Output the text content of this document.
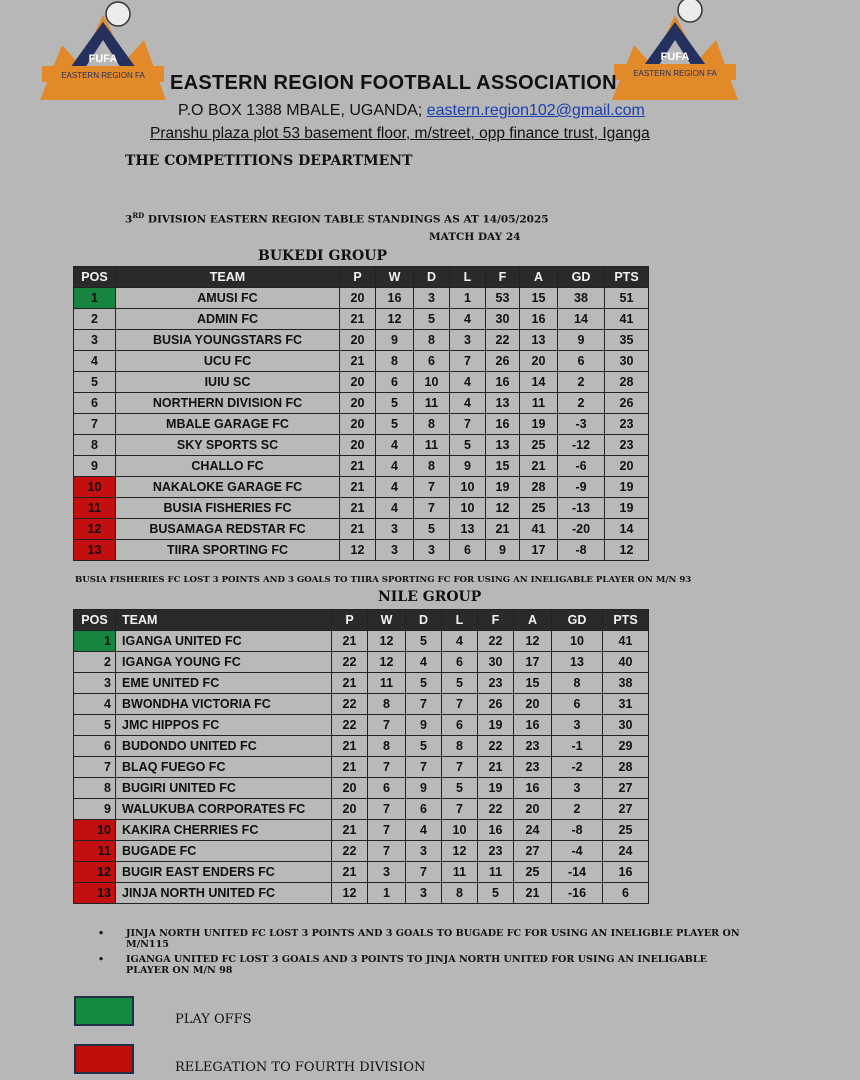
FUFA
EASTERN REGION FA
FUFA
EASTERN REGION FA
EASTERN REGION FOOTBALL ASSOCIATION
P.O BOX 1388 MBALE, UGANDA; eastern.region102@gmail.com
Pranshu plaza plot 53 basement floor, m/street, opp finance trust, Iganga
THE COMPETITIONS DEPARTMENT
3RD DIVISION EASTERN REGION TABLE STANDINGS AS AT 14/05/2025
MATCH DAY 24
BUKEDI GROUP
POS	TEAM	P	W	D	L	F	A	GD	PTS
1	AMUSI FC	20	16	3	1	53	15	38	51
2	ADMIN FC	21	12	5	4	30	16	14	41
3	BUSIA YOUNGSTARS FC	20	9	8	3	22	13	9	35
4	UCU FC	21	8	6	7	26	20	6	30
5	IUIU SC	20	6	10	4	16	14	2	28
6	NORTHERN DIVISION FC	20	5	11	4	13	11	2	26
7	MBALE GARAGE FC	20	5	8	7	16	19	-3	23
8	SKY SPORTS SC	20	4	11	5	13	25	-12	23
9	CHALLO FC	21	4	8	9	15	21	-6	20
10	NAKALOKE GARAGE FC	21	4	7	10	19	28	-9	19
11	BUSIA FISHERIES FC	21	4	7	10	12	25	-13	19
12	BUSAMAGA REDSTAR FC	21	3	5	13	21	41	-20	14
13	TIIRA SPORTING FC	12	3	3	6	9	17	-8	12
BUSIA FISHERIES FC LOST 3 POINTS AND 3 GOALS TO TIIRA SPORTING FC FOR USING AN INELIGABLE PLAYER ON M/N 93
NILE GROUP
POS	TEAM	P	W	D	L	F	A	GD	PTS
1	IGANGA UNITED FC	21	12	5	4	22	12	10	41
2	IGANGA YOUNG FC	22	12	4	6	30	17	13	40
3	EME UNITED FC	21	11	5	5	23	15	8	38
4	BWONDHA VICTORIA FC	22	8	7	7	26	20	6	31
5	JMC HIPPOS FC	22	7	9	6	19	16	3	30
6	BUDONDO UNITED FC	21	8	5	8	22	23	-1	29
7	BLAQ FUEGO FC	21	7	7	7	21	23	-2	28
8	BUGIRI UNITED FC	20	6	9	5	19	16	3	27
9	WALUKUBA CORPORATES FC	20	7	6	7	22	20	2	27
10	KAKIRA CHERRIES FC	21	7	4	10	16	24	-8	25
11	BUGADE FC	22	7	3	12	23	27	-4	24
12	BUGIR EAST ENDERS FC	21	3	7	11	11	25	-14	16
13	JINJA NORTH UNITED FC	12	1	3	8	5	21	-16	6
• JINJA NORTH UNITED FC LOST 3 POINTS AND 3 GOALS TO BUGADE FC FOR USING AN INELIGBLE PLAYER ON M/N115
• IGANGA UNITED FC LOST 3 GOALS AND 3 POINTS TO JINJA NORTH UNITED FOR USING AN INELIGABLE PLAYER ON M/N 98
PLAY OFFS
RELEGATION TO FOURTH DIVISION
